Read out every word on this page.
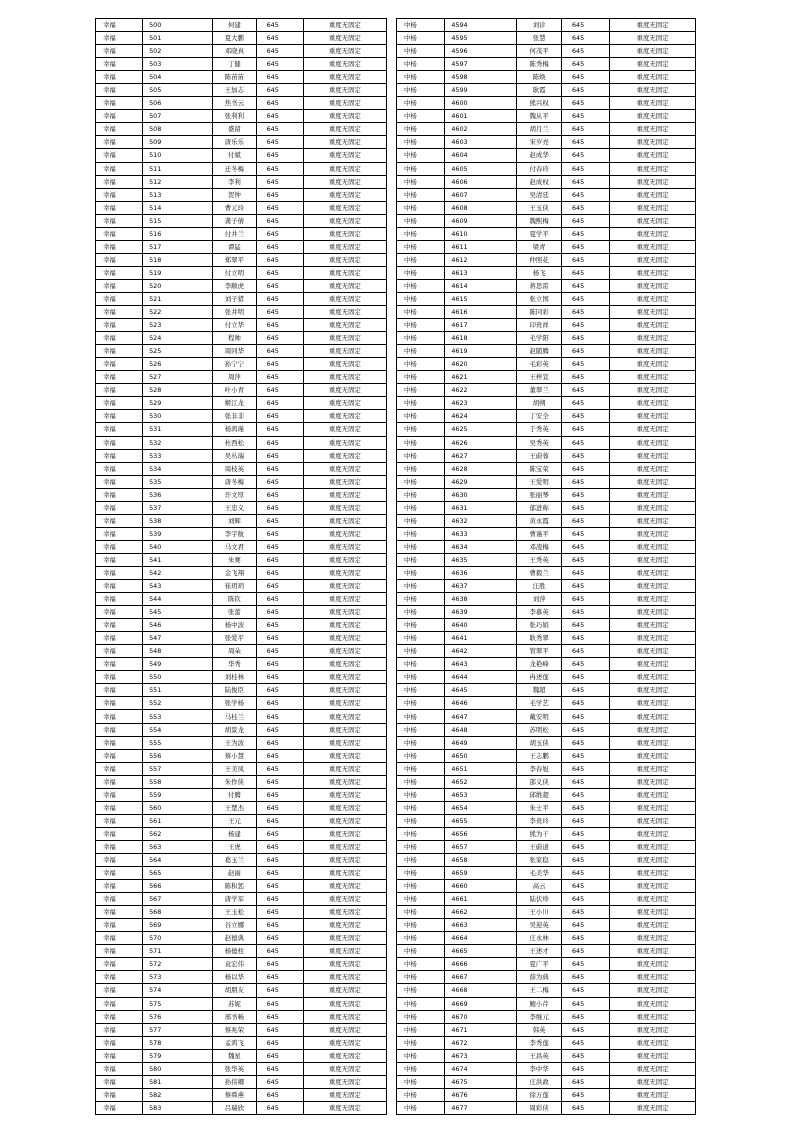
幸福	500	何建	645	重度无固定
幸福	501	夏大鹏	645	重度无固定
幸福	502	邓晓真	645	重度无固定
幸福	503	丁健	645	重度无固定
幸福	504	陈苗苗	645	重度无固定
幸福	505	王加志	645	重度无固定
幸福	506	焦书云	645	重度无固定
幸福	507	张利利	645	重度无固定
幸福	508	盛留	645	重度无固定
幸福	509	唐乐乐	645	重度无固定
幸福	510	付斌	645	重度无固定
幸福	511	迁冬梅	645	重度无固定
幸福	512	李利	645	重度无固定
幸福	513	贺钟	645	重度无固定
幸福	514	曹元玲	645	重度无固定
幸福	515	龚子倩	645	重度无固定
幸福	516	付井兰	645	重度无固定
幸福	517	谭猛	645	重度无固定
幸福	518	郑翠平	645	重度无固定
幸福	519	付立明	645	重度无固定
幸福	520	李顺虎	645	重度无固定
幸福	521	刘子猪	645	重度无固定
幸福	522	张井明	645	重度无固定
幸福	523	付立华	645	重度无固定
幸福	524	程帅	645	重度无固定
幸福	525	周同华	645	重度无固定
幸福	526	孙宁宁	645	重度无固定
幸福	527	周萍	645	重度无固定
幸福	528	叶小青	645	重度无固定
幸福	529	姬江龙	645	重度无固定
幸福	530	张非非	645	重度无固定
幸福	531	杨鸿瑾	645	重度无固定
幸福	532	杜西松	645	重度无固定
幸福	533	吴丛瑞	645	重度无固定
幸福	534	周枝英	645	重度无固定
幸福	535	唐冬梅	645	重度无固定
幸福	536	许文厚	645	重度无固定
幸福	537	王忠义	645	重度无固定
幸福	538	刘辉	645	重度无固定
幸福	539	李宇航	645	重度无固定
幸福	540	马文君	645	重度无固定
幸福	541	朱赛	645	重度无固定
幸福	542	金飞翔	645	重度无固定
幸福	543	崔玥玥	645	重度无固定
幸福	544	陈钦	645	重度无固定
幸福	545	张蕾	645	重度无固定
幸福	546	杨中波	645	重度无固定
幸福	547	张爱平	645	重度无固定
幸福	548	周朵	645	重度无固定
幸福	549	华秀	645	重度无固定
幸福	550	刘桂林	645	重度无固定
幸福	551	陆俊臣	645	重度无固定
幸福	552	张学杨	645	重度无固定
幸福	553	马桂兰	645	重度无固定
幸福	554	胡景龙	645	重度无固定
幸福	555	王为波	645	重度无固定
幸福	556	蔡小慧	645	重度无固定
幸福	557	王美凤	645	重度无固定
幸福	558	朱作侠	645	重度无固定
幸福	559	付腾	645	重度无固定
幸福	560	王楚杰	645	重度无固定
幸福	561	王元	645	重度无固定
幸福	562	杨建	645	重度无固定
幸福	563	王虎	645	重度无固定
幸福	564	葛玉兰	645	重度无固定
幸福	565	赵丽	645	重度无固定
幸福	566	陈积惩	645	重度无固定
幸福	567	唐学军	645	重度无固定
幸福	568	王玉松	645	重度无固定
幸福	569	谷立娜	645	重度无固定
幸福	570	赵德典	645	重度无固定
幸福	571	杨德柱	645	重度无固定
幸福	572	袁宏伟	645	重度无固定
幸福	573	杨以华	645	重度无固定
幸福	574	胡朋友	645	重度无固定
幸福	575	苏妮	645	重度无固定
幸福	576	邢书畅	645	重度无固定
幸福	577	蔡兆荣	645	重度无固定
幸福	578	孟鸿飞	645	重度无固定
幸福	579	魏星	645	重度无固定
幸福	580	张华英	645	重度无固定
幸福	581	孙伟卿	645	重度无固定
幸福	582	蔡舜燕	645	重度无固定
幸福	583	吕瑞欣	645	重度无固定
中杨	4594	刘诊	645	重度无固定
中杨	4595	张慧	645	重度无固定
中杨	4596	何茂平	645	重度无固定
中杨	4597	陈秀梅	645	重度无固定
中杨	4598	陈焕	645	重度无固定
中杨	4599	耿霞	645	重度无固定
中杨	4600	熊兴权	645	重度无固定
中杨	4601	魏从平	645	重度无固定
中杨	4602	胡月兰	645	重度无固定
中杨	4603	宋岁亮	645	重度无固定
中杨	4604	赵成华	645	重度无固定
中杨	4605	付春玲	645	重度无固定
中杨	4606	赵成权	645	重度无固定
中杨	4607	吴清廷	645	重度无固定
中杨	4608	王玉侠	645	重度无固定
中杨	4609	魏熙梅	645	重度无固定
中杨	4610	夏学平	645	重度无固定
中杨	4611	梁青	645	重度无固定
中杨	4612	仲照花	645	重度无固定
中杨	4613	杨飞	645	重度无固定
中杨	4614	蒋思雷	645	重度无固定
中杨	4615	张立国	645	重度无固定
中杨	4616	陈同彩	645	重度无固定
中杨	4617	印贵祥	645	重度无固定
中杨	4618	毛学阳	645	重度无固定
中杨	4619	赵随腾	645	重度无固定
中杨	4620	毛彩英	645	重度无固定
中杨	4621	王梓宣	645	重度无固定
中杨	4622	董翠兰	645	重度无固定
中杨	4623	胡朔	645	重度无固定
中杨	4624	丁安全	645	重度无固定
中杨	4625	于秀英	645	重度无固定
中杨	4626	吴秀英	645	重度无固定
中杨	4627	王蔚蓉	645	重度无固定
中杨	4628	陈宝荣	645	重度无固定
中杨	4629	王爱明	645	重度无固定
中杨	4630	张丽琴	645	重度无固定
中杨	4631	郁进称	645	重度无固定
中杨	4632	黄永霞	645	重度无固定
中杨	4633	曹谨平	645	重度无固定
中杨	4634	邓凌梅	645	重度无固定
中杨	4635	王秀英	645	重度无固定
中杨	4636	曹毅兰	645	重度无固定
中杨	4637	汪胜	645	重度无固定
中杨	4638	刘萍	645	重度无固定
中杨	4639	李慕英	645	重度无固定
中杨	4640	张巧娟	645	重度无固定
中杨	4641	耿秀翠	645	重度无固定
中杨	4642	管翠平	645	重度无固定
中杨	4643	龙艳峰	645	重度无固定
中杨	4644	冉述莲	645	重度无固定
中杨	4645	魏超	645	重度无固定
中杨	4646	毛学艺	645	重度无固定
中杨	4647	戴安明	645	重度无固定
中杨	4648	苏明松	645	重度无固定
中杨	4649	胡玉侠	645	重度无固定
中杨	4650	王志鹏	645	重度无固定
中杨	4651	李春旭	645	重度无固定
中杨	4652	邵义侠	645	重度无固定
中杨	4653	邱维超	645	重度无固定
中杨	4654	朱士平	645	重度无固定
中杨	4655	李贵玲	645	重度无固定
中杨	4656	熊为干	645	重度无固定
中杨	4657	王蔚道	645	重度无固定
中杨	4658	张家稳	645	重度无固定
中杨	4659	毛美华	645	重度无固定
中杨	4660	高云	645	重度无固定
中杨	4661	陆伏珍	645	重度无固定
中杨	4662	王小川	645	重度无固定
中杨	4663	吴迎英	645	重度无固定
中杨	4664	庄永林	645	重度无固定
中杨	4665	王述才	645	重度无固定
中杨	4666	夏广平	645	重度无固定
中杨	4667	薛为典	645	重度无固定
中杨	4668	王二梅	645	重度无固定
中杨	4669	鲍小芹	645	重度无固定
中杨	4670	李继元	645	重度无固定
中杨	4671	韩英	645	重度无固定
中杨	4672	李秀莲	645	重度无固定
中杨	4673	王昌英	645	重度无固定
中杨	4674	李中华	645	重度无固定
中杨	4675	庄洪政	645	重度无固定
中杨	4676	徐万莲	645	重度无固定
中杨	4677	周彩侠	645	重度无固定
